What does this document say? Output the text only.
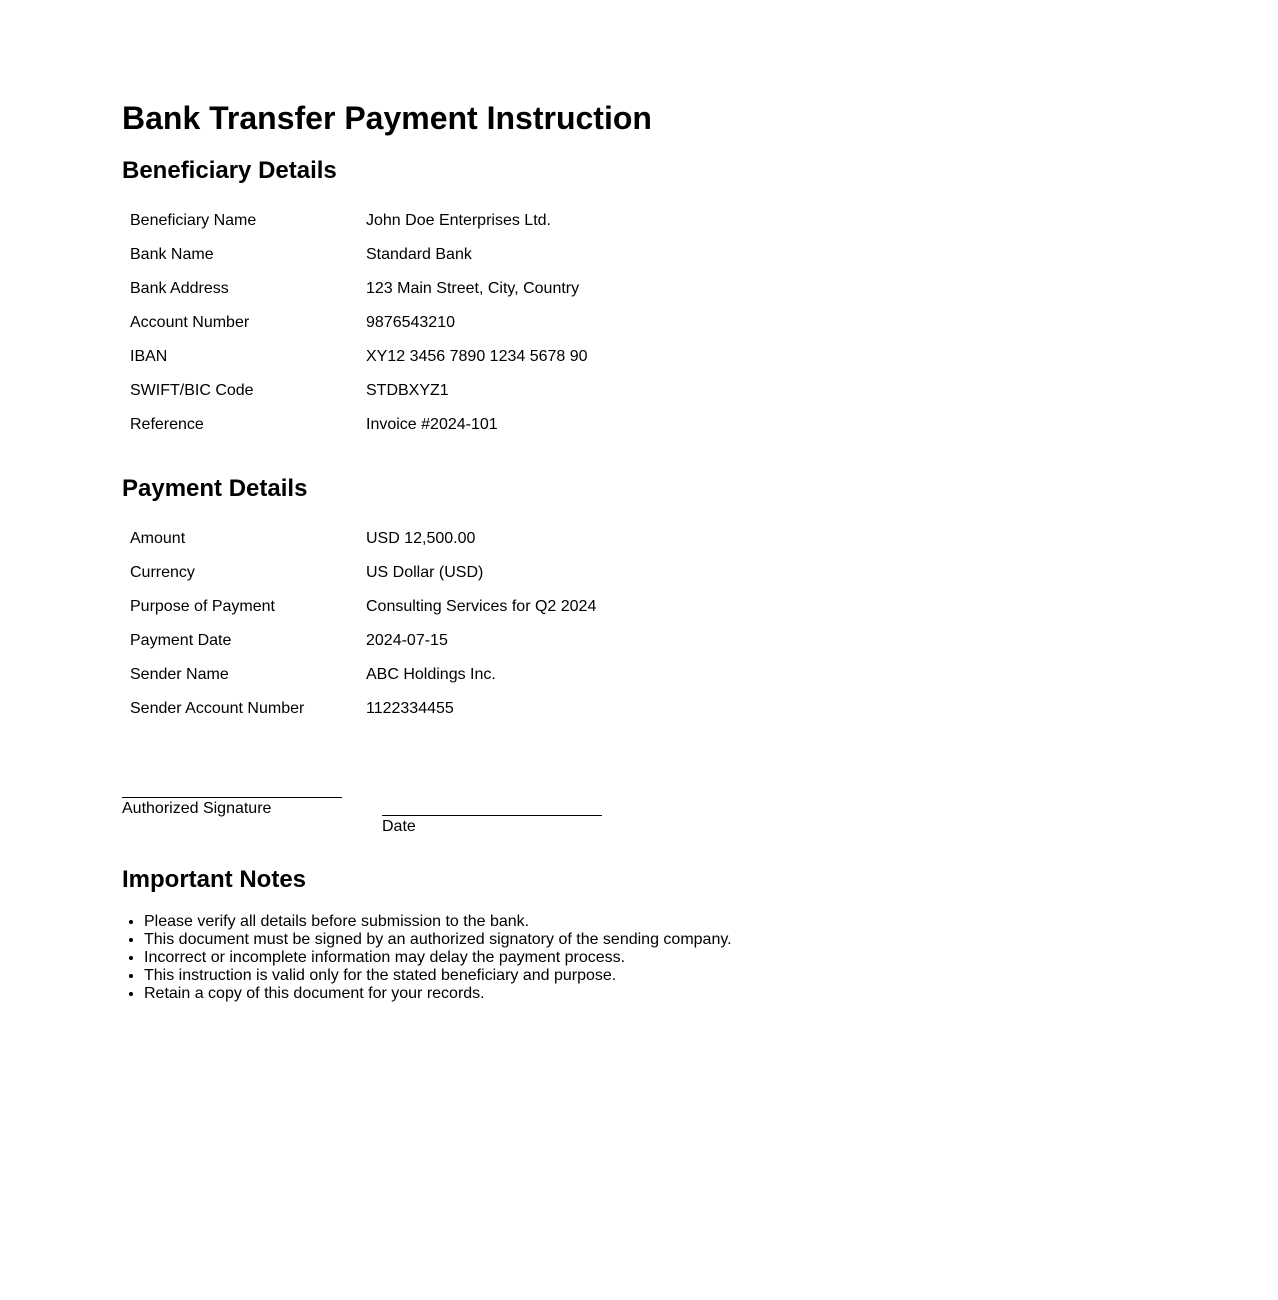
Bank Transfer Payment Instruction
Beneficiary Details
Beneficiary Name	John Doe Enterprises Ltd.
Bank Name	Standard Bank
Bank Address	123 Main Street, City, Country
Account Number	9876543210
IBAN	XY12 3456 7890 1234 5678 90
SWIFT/BIC Code	STDBXYZ1
Reference	Invoice #2024-101
Payment Details
Amount	USD 12,500.00
Currency	US Dollar (USD)
Purpose of Payment	Consulting Services for Q2 2024
Payment Date	2024-07-15
Sender Name	ABC Holdings Inc.
Sender Account Number	1122334455
Authorized Signature
Date
Important Notes
• Please verify all details before submission to the bank.
• This document must be signed by an authorized signatory of the sending company.
• Incorrect or incomplete information may delay the payment process.
• This instruction is valid only for the stated beneficiary and purpose.
• Retain a copy of this document for your records.
